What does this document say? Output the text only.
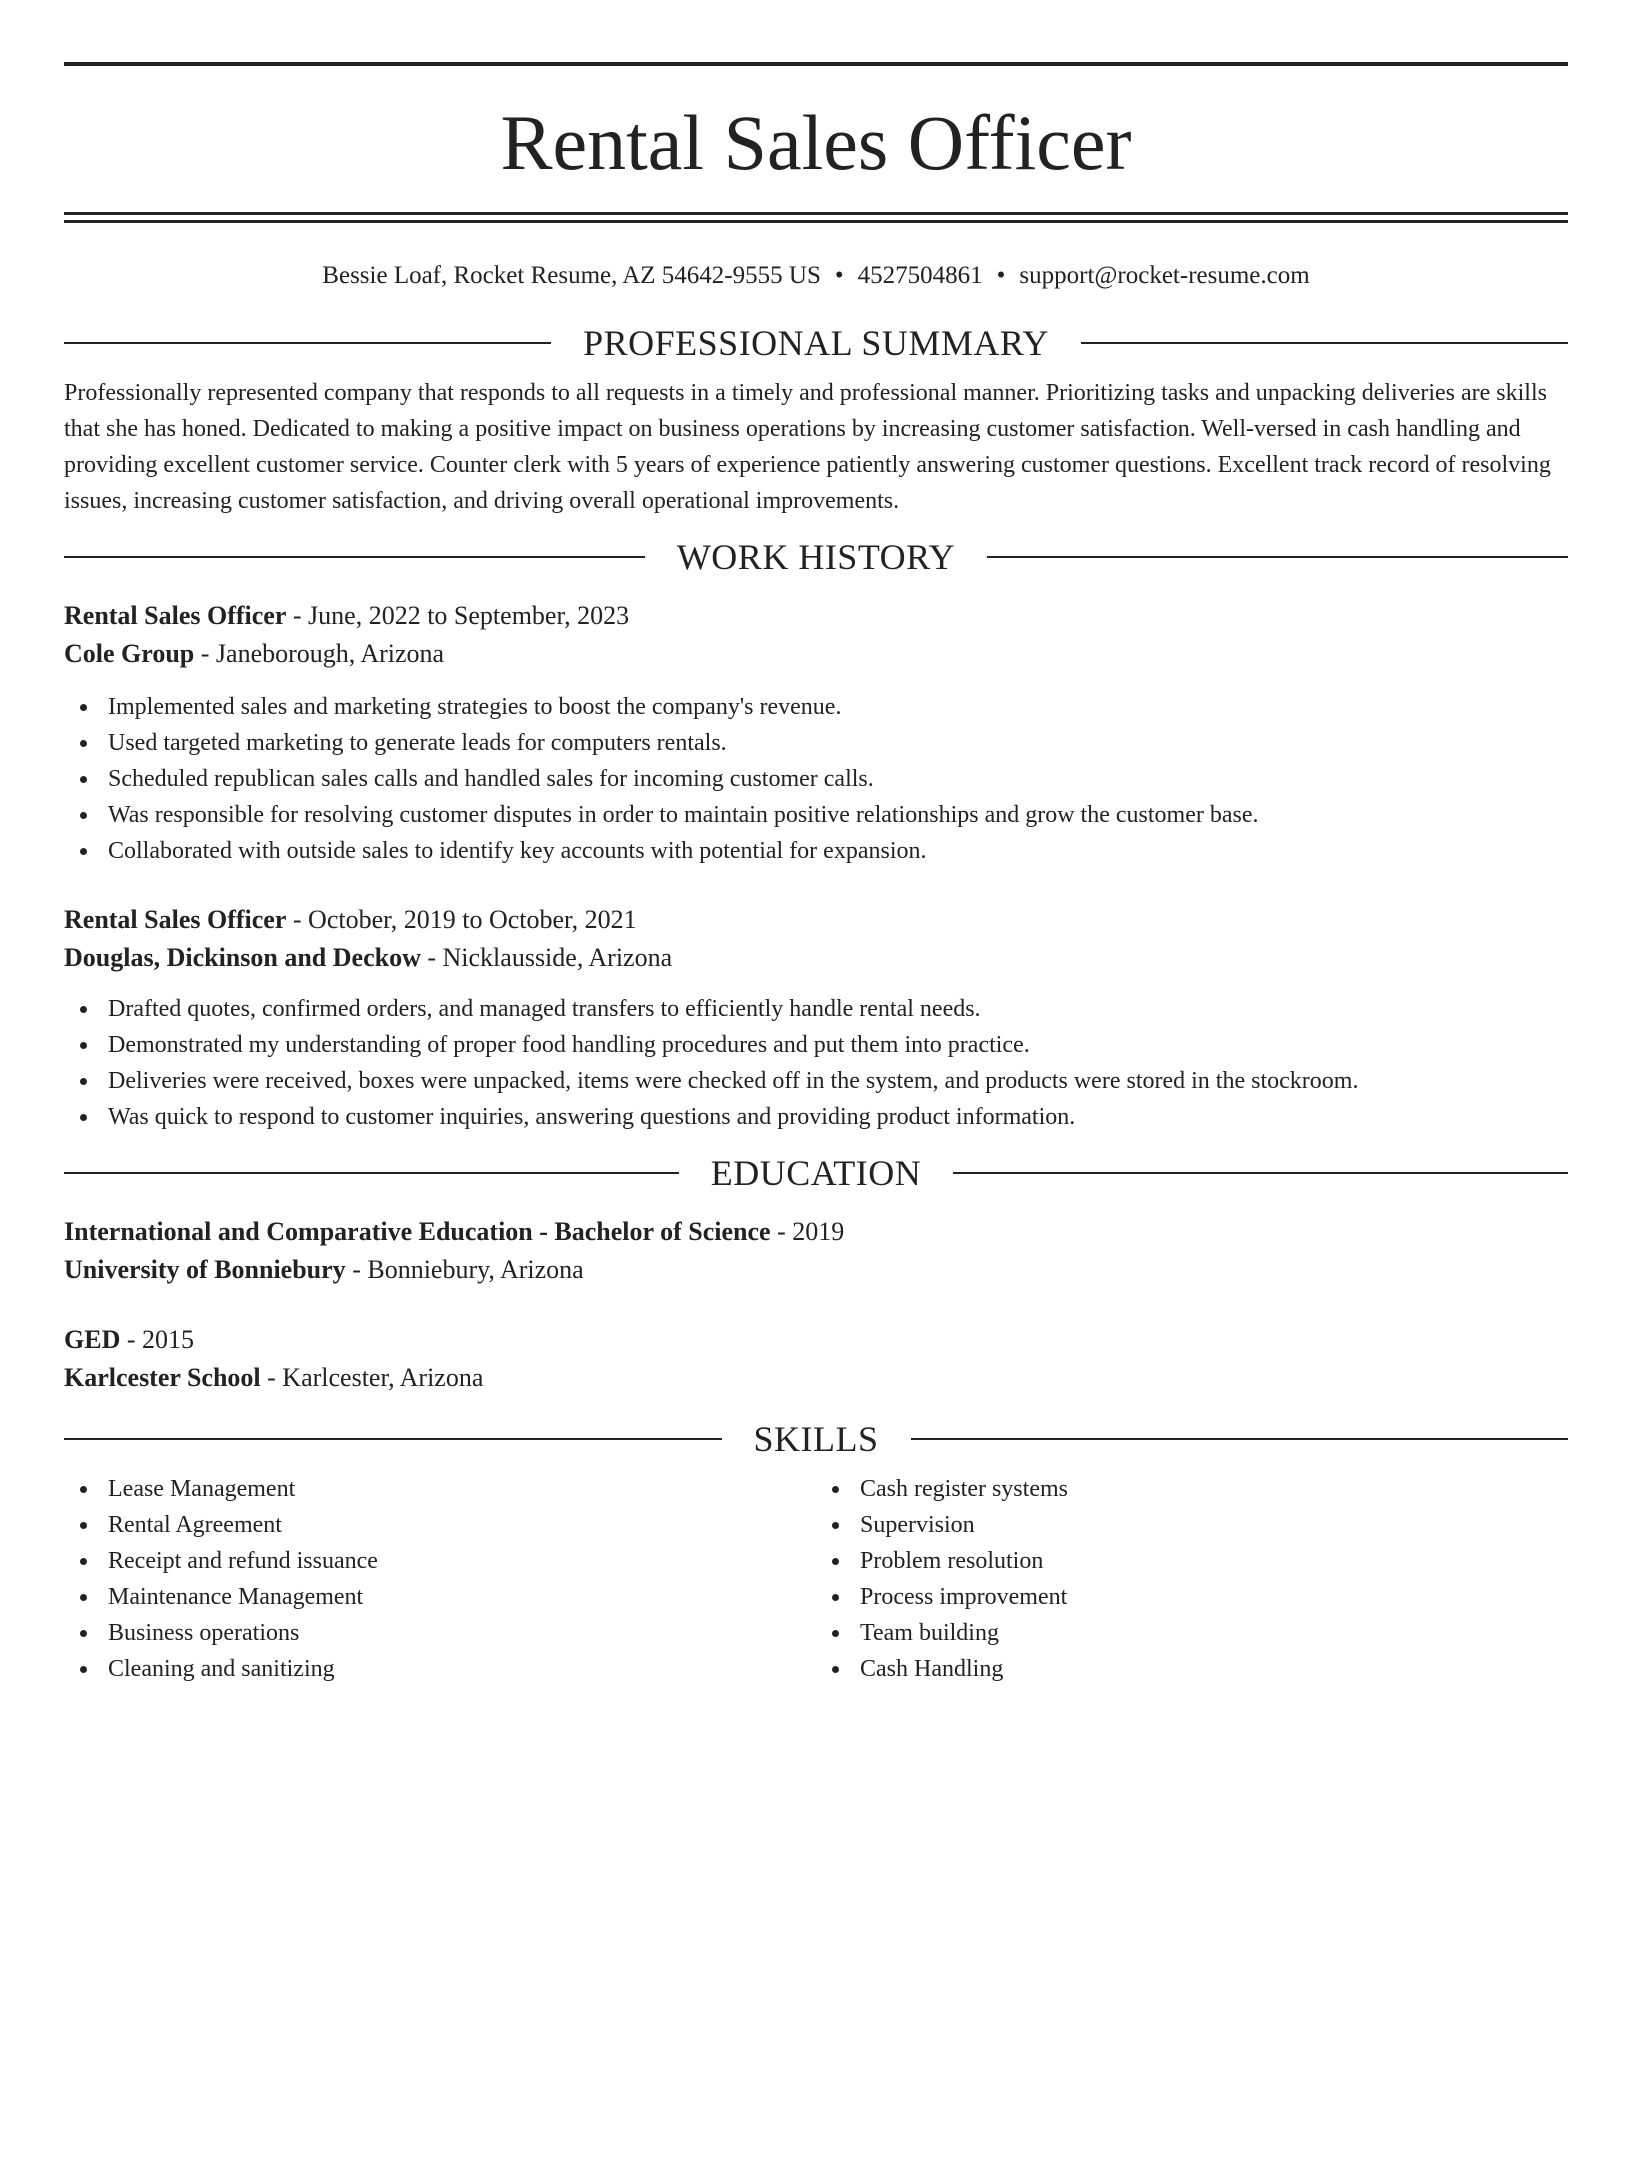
Rental Sales Officer
Bessie Loaf, Rocket Resume, AZ 54642-9555 US • 4527504861 • support@rocket-resume.com
PROFESSIONAL SUMMARY

Professionally represented company that responds to all requests in a timely and professional manner. Prioritizing tasks and unpacking deliveries are skills that she has honed. Dedicated to making a positive impact on business operations by increasing customer satisfaction. Well-versed in cash handling and providing excellent customer service. Counter clerk with 5 years of experience patiently answering customer questions. Excellent track record of resolving issues, increasing customer satisfaction, and driving overall operational improvements.

WORK HISTORY

Rental Sales Officer - June, 2022 to September, 2023

Cole Group - Janeborough, Arizona

Implemented sales and marketing strategies to boost the company's revenue.
Used targeted marketing to generate leads for computers rentals.
Scheduled republican sales calls and handled sales for incoming customer calls.
Was responsible for resolving customer disputes in order to maintain positive relationships and grow the customer base.
Collaborated with outside sales to identify key accounts with potential for expansion.

Rental Sales Officer - October, 2019 to October, 2021

Douglas, Dickinson and Deckow - Nicklausside, Arizona

Drafted quotes, confirmed orders, and managed transfers to efficiently handle rental needs.
Demonstrated my understanding of proper food handling procedures and put them into practice.
Deliveries were received, boxes were unpacked, items were checked off in the system, and products were stored in the stockroom.
Was quick to respond to customer inquiries, answering questions and providing product information.
EDUCATION

International and Comparative Education - Bachelor of Science - 2019

University of Bonniebury - Bonniebury, Arizona

GED - 2015

Karlcester School - Karlcester, Arizona

SKILLS
Lease Management
Rental Agreement
Receipt and refund issuance
Maintenance Management
Business operations
Cleaning and sanitizing
Cash register systems
Supervision
Problem resolution
Process improvement
Team building
Cash Handling
